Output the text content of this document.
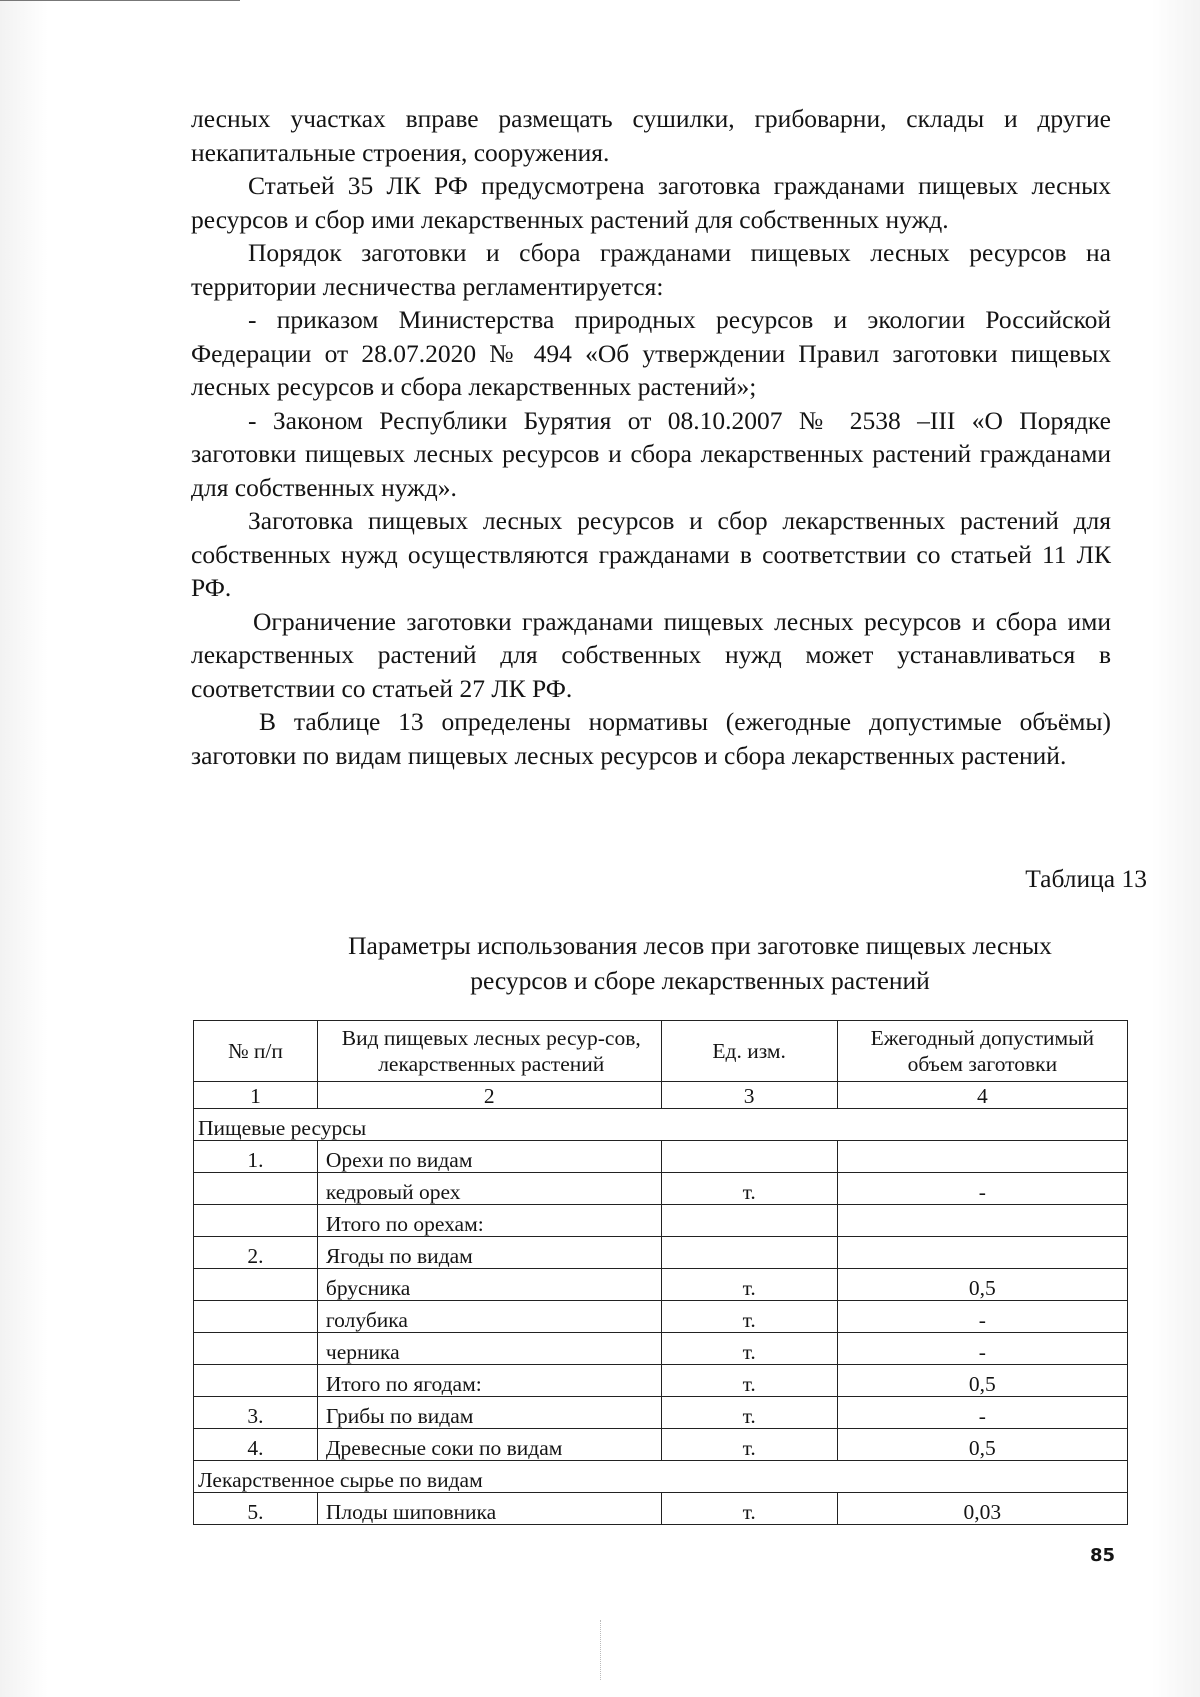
лесных участках вправе размещать сушилки, грибоварни, склады и другие некапитальные строения, сооружения.

Статьей 35 ЛК РФ предусмотрена заготовка гражданами пищевых лесных ресурсов и сбор ими лекарственных растений для собственных нужд.

Порядок заготовки и сбора гражданами пищевых лесных ресурсов на территории лесничества регламентируется:

- приказом Министерства природных ресурсов и экологии Российской Федерации от 28.07.2020 № 494 «Об утверждении Правил заготовки пищевых лесных ресурсов и сбора лекарственных растений»;

- Законом Республики Бурятия от 08.10.2007 № 2538 –III «О Порядке заготовки пищевых лесных ресурсов и сбора лекарственных растений гражданами для собственных нужд».

Заготовка пищевых лесных ресурсов и сбор лекарственных растений для собственных нужд осуществляются гражданами в соответствии со статьей 11 ЛК РФ.

Ограничение заготовки гражданами пищевых лесных ресурсов и сбора ими лекарственных растений для собственных нужд может устанавливаться в соответствии со статьей 27 ЛК РФ.

В таблице 13 определены нормативы (ежегодные допустимые объёмы) заготовки по видам пищевых лесных ресурсов и сбора лекарственных растений.

Таблица 13
Параметры использования лесов при заготовке пищевых лесных
ресурсов и сборе лекарственных растений
№ п/п	Вид пищевых лесных ресур-сов, лекарственных растений	Ед. изм.	Ежегодный допустимый объем заготовки
1	2	3	4
Пищевые ресурсы			
1.	Орехи по видам		
	кедровый орех	т.	-
	Итого по орехам:		
2.	Ягоды по видам		
	брусника	т.	0,5
	голубика	т.	-
	черника	т.	-
	Итого по ягодам:	т.	0,5
3.	Грибы по видам	т.	-
4.	Древесные соки по видам	т.	0,5
Лекарственное сырье по видам			
5.	Плоды шиповника	т.	0,03
85
